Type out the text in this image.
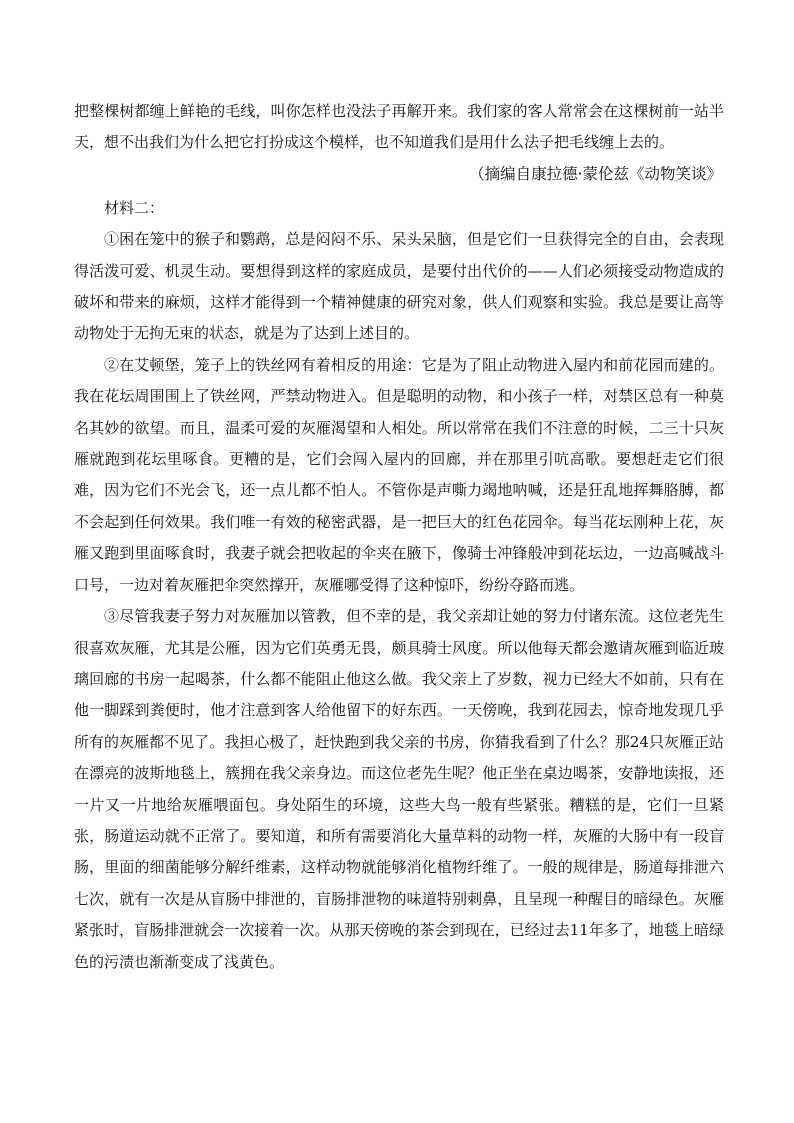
把整棵树都缠上鲜艳的毛线，叫你怎样也没法子再解开来。我们家的客人常常会在这棵树前一站半天，想不出我们为什么把它打扮成这个模样，也不知道我们是用什么法子把毛线缠上去的。

（摘编自康拉德·蒙伦兹《动物笑谈》

材料二：

①困在笼中的猴子和鹦鹉，总是闷闷不乐、呆头呆脑，但是它们一旦获得完全的自由，会表现得活泼可爱、机灵生动。要想得到这样的家庭成员，是要付出代价的——人们必须接受动物造成的破坏和带来的麻烦，这样才能得到一个精神健康的研究对象，供人们观察和实验。我总是要让高等动物处于无拘无束的状态，就是为了达到上述目的。

②在艾顿堡，笼子上的铁丝网有着相反的用途：它是为了阻止动物进入屋内和前花园而建的。我在花坛周围围上了铁丝网，严禁动物进入。但是聪明的动物，和小孩子一样，对禁区总有一种莫名其妙的欲望。而且，温柔可爱的灰雁渴望和人相处。所以常常在我们不注意的时候，二三十只灰雁就跑到花坛里啄食。更糟的是，它们会闯入屋内的回廊，并在那里引吭高歌。要想赶走它们很难，因为它们不光会飞，还一点儿都不怕人。不管你是声嘶力竭地呐喊，还是狂乱地挥舞胳膊，都不会起到任何效果。我们唯一有效的秘密武器，是一把巨大的红色花园伞。每当花坛刚种上花，灰雁又跑到里面啄食时，我妻子就会把收起的伞夹在腋下，像骑士冲锋般冲到花坛边，一边高喊战斗口号，一边对着灰雁把伞突然撑开，灰雁哪受得了这种惊吓，纷纷夺路而逃。

③尽管我妻子努力对灰雁加以管教，但不幸的是，我父亲却让她的努力付诸东流。这位老先生很喜欢灰雁，尤其是公雁，因为它们英勇无畏，颇具骑士风度。所以他每天都会邀请灰雁到临近玻璃回廊的书房一起喝茶，什么都不能阻止他这么做。我父亲上了岁数，视力已经大不如前，只有在他一脚踩到粪便时，他才注意到客人给他留下的好东西。一天傍晚，我到花园去，惊奇地发现几乎所有的灰雁都不见了。我担心极了，赶快跑到我父亲的书房，你猜我看到了什么？那24只灰雁正站在漂亮的波斯地毯上，簇拥在我父亲身边。而这位老先生呢？他正坐在桌边喝茶，安静地读报，还一片又一片地给灰雁喂面包。身处陌生的环境，这些大鸟一般有些紧张。糟糕的是，它们一旦紧张，肠道运动就不正常了。要知道，和所有需要消化大量草料的动物一样，灰雁的大肠中有一段盲肠，里面的细菌能够分解纤维素，这样动物就能够消化植物纤维了。一般的规律是，肠道每排泄六七次，就有一次是从盲肠中排泄的，盲肠排泄物的味道特别刺鼻，且呈现一种醒目的暗绿色。灰雁紧张时，盲肠排泄就会一次接着一次。从那天傍晚的茶会到现在，已经过去11年多了，地毯上暗绿色的污渍也渐渐变成了浅黄色。
